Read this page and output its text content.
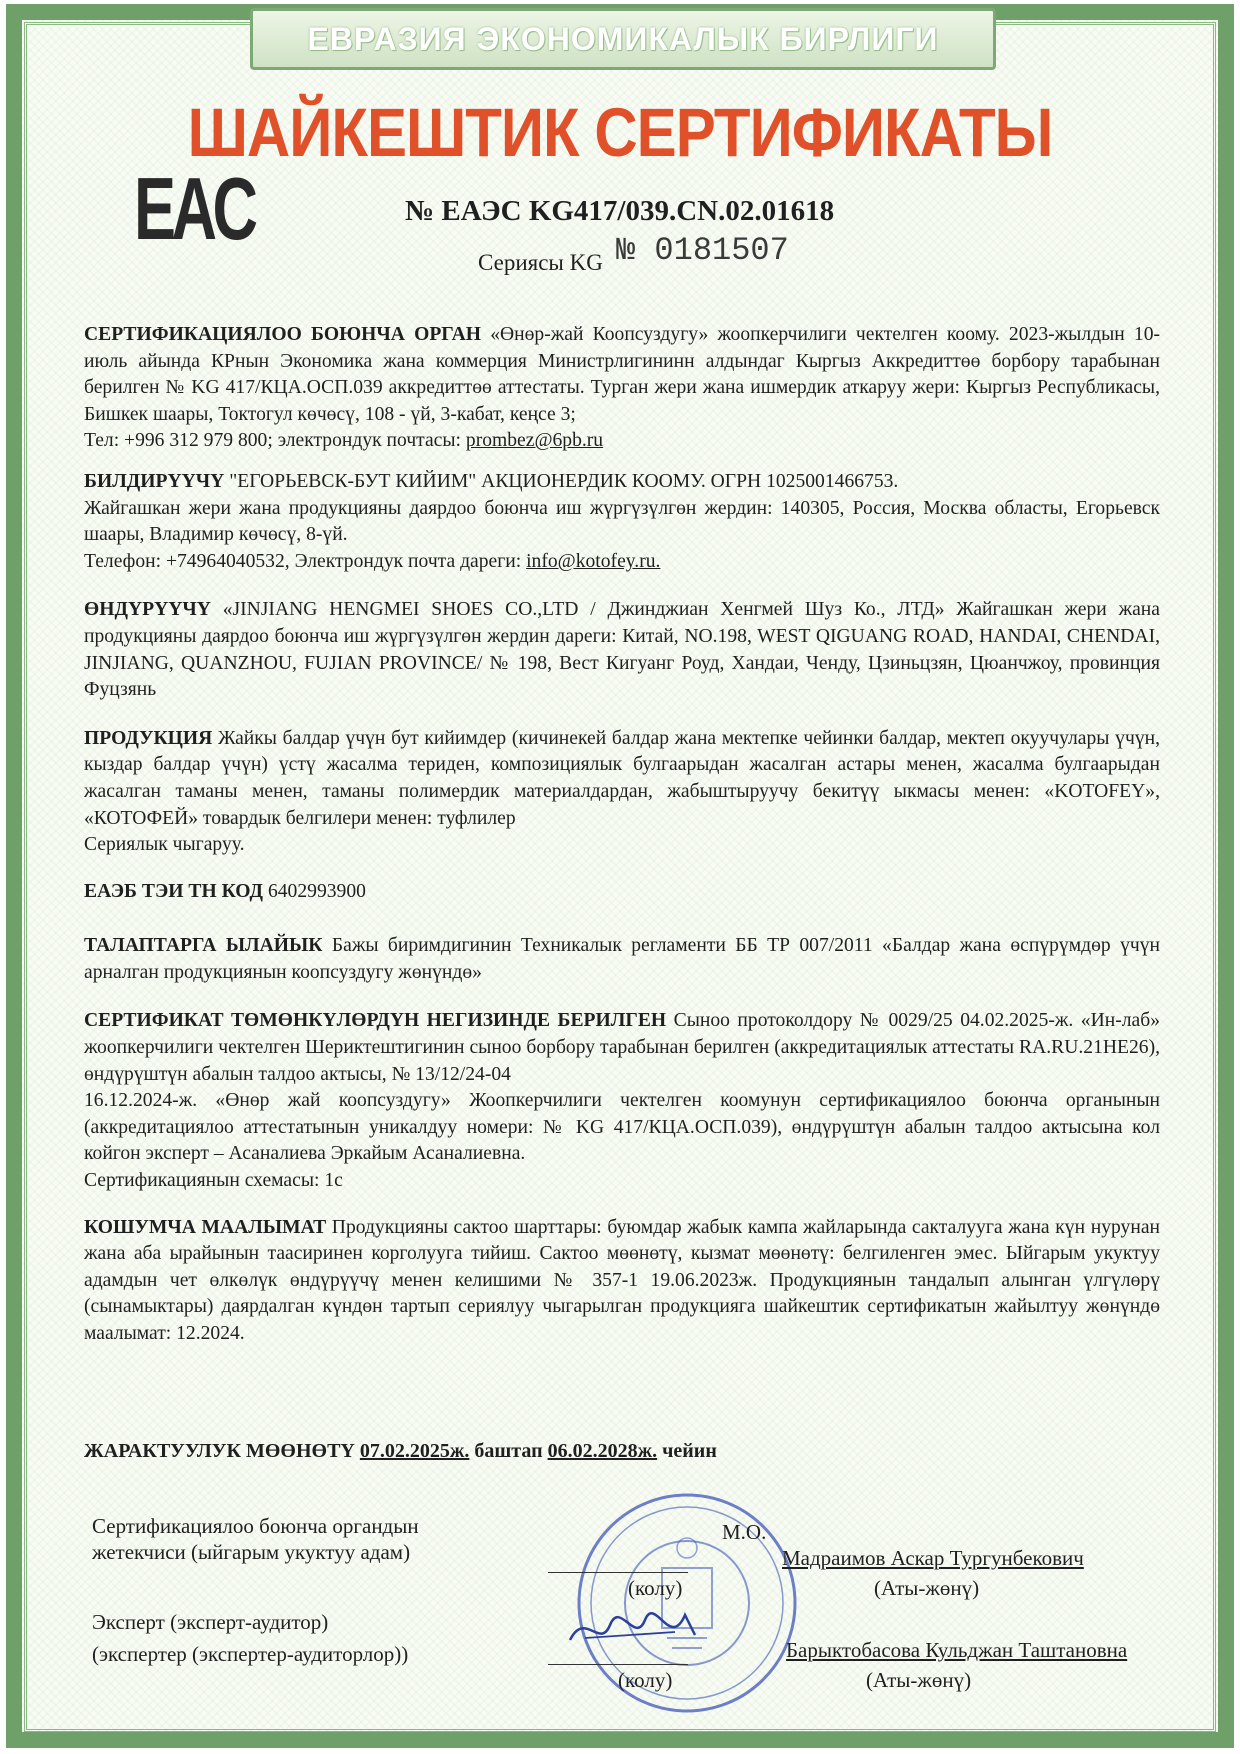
ЕВРАЗИЯ ЭКОНОМИКАЛЫК БИРЛИГИ
ШАЙКЕШТИК СЕРТИФИКАТЫ
EAC	№ ЕАЭС KG417/039.CN.02.01618
Сериясы KG № 0181507
СЕРТИФИКАЦИЯЛОО БОЮНЧА ОРГАН «Өнөр-жай Коопсуздугу» жоопкерчилиги чектелген коому. 2023-жылдын 10-июль айында КРнын Экономика жана коммерция Министрлигининн алдындаг Кыргыз Аккредиттөө борбору тарабынан берилген № KG 417/КЦА.ОСП.039 аккредиттөө аттестаты. Турган жери жана ишмердик аткаруу жери: Кыргыз Республикасы, Бишкек шаары, Токтогул көчөсү, 108 - үй, 3-кабат, кеңсе 3;
Тел: +996 312 979 800; электрондук почтасы: prombez@6pb.ru
БИЛДИРҮҮЧҮ "ЕГОРЬЕВСК-БУТ КИЙИМ" АКЦИОНЕРДИК КООМУ. ОГРН 1025001466753.
Жайгашкан жери жана продукцияны даярдоо боюнча иш жүргүзүлгөн жердин: 140305, Россия, Москва областы, Егорьевск шаары, Владимир көчөсү, 8-үй.
Телефон: +74964040532, Электрондук почта дареги: info@kotofey.ru.
ӨНДҮРҮҮЧҮ «JINJIANG HENGMEI SHOES CO.,LTD / Джинджиан Хенгмей Шуз Ко., ЛТД» Жайгашкан жери жана продукцияны даярдоо боюнча иш жүргүзүлгөн жердин дареги: Китай, NO.198, WEST QIGUANG ROAD, HANDAI, CHENDAI, JINJIANG, QUANZHOU, FUJIAN PROVINCE/ № 198, Вест Кигуанг Роуд, Хандаи, Ченду, Цзиньцзян, Цюанчжоу, провинция Фуцзянь
ПРОДУКЦИЯ Жайкы балдар үчүн бут кийимдер (кичинекей балдар жана мектепке чейинки балдар, мектеп окуучулары үчүн, кыздар балдар үчүн) үстү жасалма териден, композициялык булгаарыдан жасалган астары менен, жасалма булгаарыдан жасалган таманы менен, таманы полимердик материалдардан, жабыштыруучу бекитүү ыкмасы менен: «KOTOFEY», «КОТОФЕЙ» товардык белгилери менен: туфлилер
Сериялык чыгаруу.
ЕАЭБ ТЭИ ТН КОД 6402993900
ТАЛАПТАРГА ЫЛАЙЫК Бажы биримдигинин Техникалык регламенти ББ ТР 007/2011 «Балдар жана өспүрүмдөр үчүн арналган продукциянын коопсуздугу жөнүндө»
СЕРТИФИКАТ ТӨМӨНКҮЛӨРДҮН НЕГИЗИНДЕ БЕРИЛГЕН Сыноо протоколдору № 0029/25 04.02.2025-ж. «Ин-лаб» жоопкерчилиги чектелген Шериктештигинин сыноо борбору тарабынан берилген (аккредитациялык аттестаты RA.RU.21НЕ26), өндүрүштүн абалын талдоо актысы, № 13/12/24-04
16.12.2024-ж. «Өнөр жай коопсуздугу» Жоопкерчилиги чектелген коомунун сертификациялоо боюнча органынын (аккредитациялоо аттестатынын уникалдуу номери: № KG 417/КЦА.ОСП.039), өндүрүштүн абалын талдоо актысына кол койгон эксперт – Асаналиева Эркайым Асаналиевна.
Сертификациянын схемасы: 1с
КОШУМЧА МААЛЫМАТ Продукцияны сактоо шарттары: буюмдар жабык кампа жайларында сакталууга жана күн нурунан жана аба ырайынын таасиринен корголууга тийиш. Сактоо мөөнөтү, кызмат мөөнөтү: белгиленген эмес. Ыйгарым укуктуу адамдын чет өлкөлүк өндүрүүчү менен келишими № 357-1 19.06.2023ж. Продукциянын тандалып алынган үлгүлөрү (сынамыктары) даярдалган күндөн тартып сериялуу чыгарылган продукцияга шайкештик сертификатын жайылтуу жөнүндө маалымат: 12.2024.
ЖАРАКТУУЛУК МӨӨНӨТҮ 07.02.2025ж. баштап 06.02.2028ж. чейин
Сертификациялоо боюнча органдын
жетекчиси (ыйгарым укуктуу адам)
М.О.
Мадраимов Аскар Тургунбекович
(колу)	(Аты-жөнү)
Эксперт (эксперт-аудитор)
(экспертер (экспертер-аудиторлор))	Барыктобасова Кульджан Таштановна
(колу)	(Аты-жөнү)
